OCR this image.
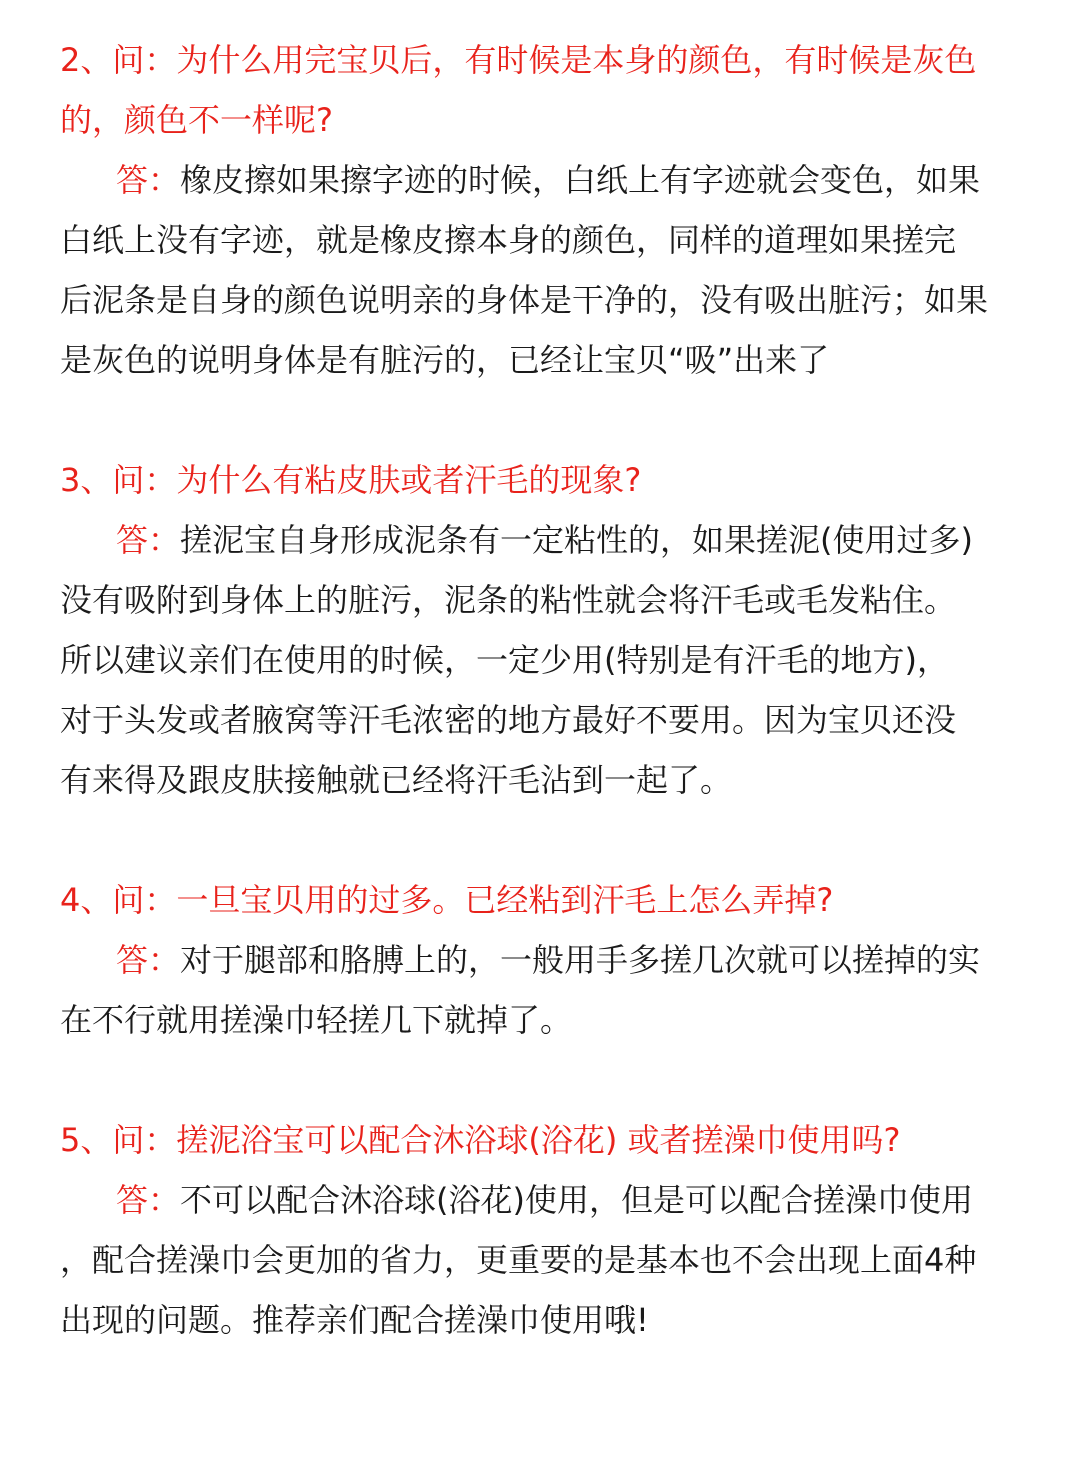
2、问：为什么用完宝贝后，有时候是本身的颜色，有时候是灰色
的，颜色不一样呢?

答：橡皮擦如果擦字迹的时候，白纸上有字迹就会变色，如果
白纸上没有字迹，就是橡皮擦本身的颜色，同样的道理如果搓完
后泥条是自身的颜色说明亲的身体是干净的，没有吸出脏污；如果
是灰色的说明身体是有脏污的，已经让宝贝“吸”出来了

3、问：为什么有粘皮肤或者汗毛的现象?

答：搓泥宝自身形成泥条有一定粘性的，如果搓泥(使用过多)
没有吸附到身体上的脏污，泥条的粘性就会将汗毛或毛发粘住。
所以建议亲们在使用的时候，一定少用(特别是有汗毛的地方)，
对于头发或者腋窝等汗毛浓密的地方最好不要用。因为宝贝还没
有来得及跟皮肤接触就已经将汗毛沾到一起了。

4、问：一旦宝贝用的过多。已经粘到汗毛上怎么弄掉?

答：对于腿部和胳膊上的，一般用手多搓几次就可以搓掉的实
在不行就用搓澡巾轻搓几下就掉了。

5、问：搓泥浴宝可以配合沐浴球(浴花) 或者搓澡巾使用吗?

答：不可以配合沐浴球(浴花)使用，但是可以配合搓澡巾使用
，配合搓澡巾会更加的省力，更重要的是基本也不会出现上面4种
出现的问题。推荐亲们配合搓澡巾使用哦!
